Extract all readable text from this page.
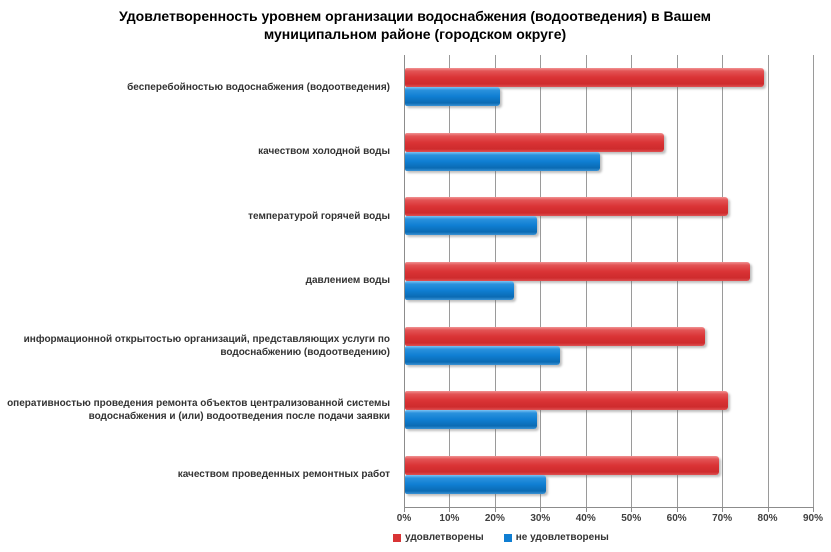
Удовлетворенность уровнем организации водоснабжения (водоотведения) в Вашем муниципальном районе (городском округе)
бесперебойностью водоснабжения (водоотведения)
качеством холодной воды
температурой горячей воды
давлением воды
информационной открытостью организаций, представляющих услуги по водоснабжению (водоотведению)
оперативностью проведения ремонта объектов централизованной системы водоснабжения и (или) водоотведения после подачи заявки
качеством проведенных ремонтных работ
0%	10%	20%	30%	40%	50%	60%	70%	80%	90%
удовлетворены	не удовлетворены
